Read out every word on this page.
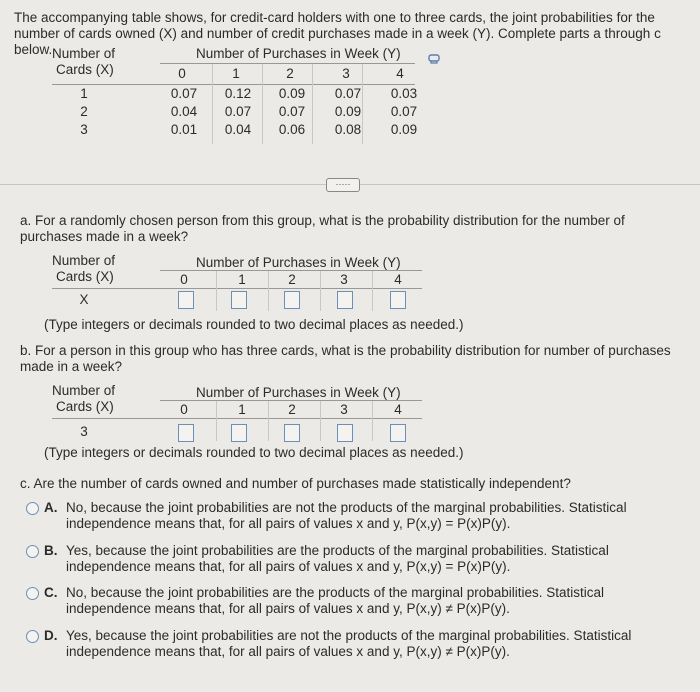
The accompanying table shows, for credit-card holders with one to three cards, the joint probabilities for the number of cards owned (X) and number of credit purchases made in a week (Y). Complete parts a through c below. Number of
Cards (X)
Number of Purchases in Week (Y)
0	1	2	3	4
1	0.07	0.12	0.09	0.07	0.03
2	0.04	0.07	0.07	0.09	0.07
3	0.01	0.04	0.06	0.08	0.09
·····
a. For a randomly chosen person from this group, what is the probability distribution for the number of purchases made in a week?
Number of
Cards (X)
Number of Purchases in Week (Y)
0	1	2	3	4
X
(Type integers or decimals rounded to two decimal places as needed.)
b. For a person in this group who has three cards, what is the probability distribution for number of purchases made in a week?
Number of
Cards (X)
Number of Purchases in Week (Y)
0	1	2	3	4
3
(Type integers or decimals rounded to two decimal places as needed.)
c. Are the number of cards owned and number of purchases made statistically independent?
A. No, because the joint probabilities are not the products of the marginal probabilities. Statistical independence means that, for all pairs of values x and y, P(x,y) = P(x)P(y).
B. Yes, because the joint probabilities are the products of the marginal probabilities. Statistical independence means that, for all pairs of values x and y, P(x,y) = P(x)P(y).
C. No, because the joint probabilities are the products of the marginal probabilities. Statistical independence means that, for all pairs of values x and y, P(x,y) ≠ P(x)P(y).
D. Yes, because the joint probabilities are not the products of the marginal probabilities. Statistical independence means that, for all pairs of values x and y, P(x,y) ≠ P(x)P(y).
